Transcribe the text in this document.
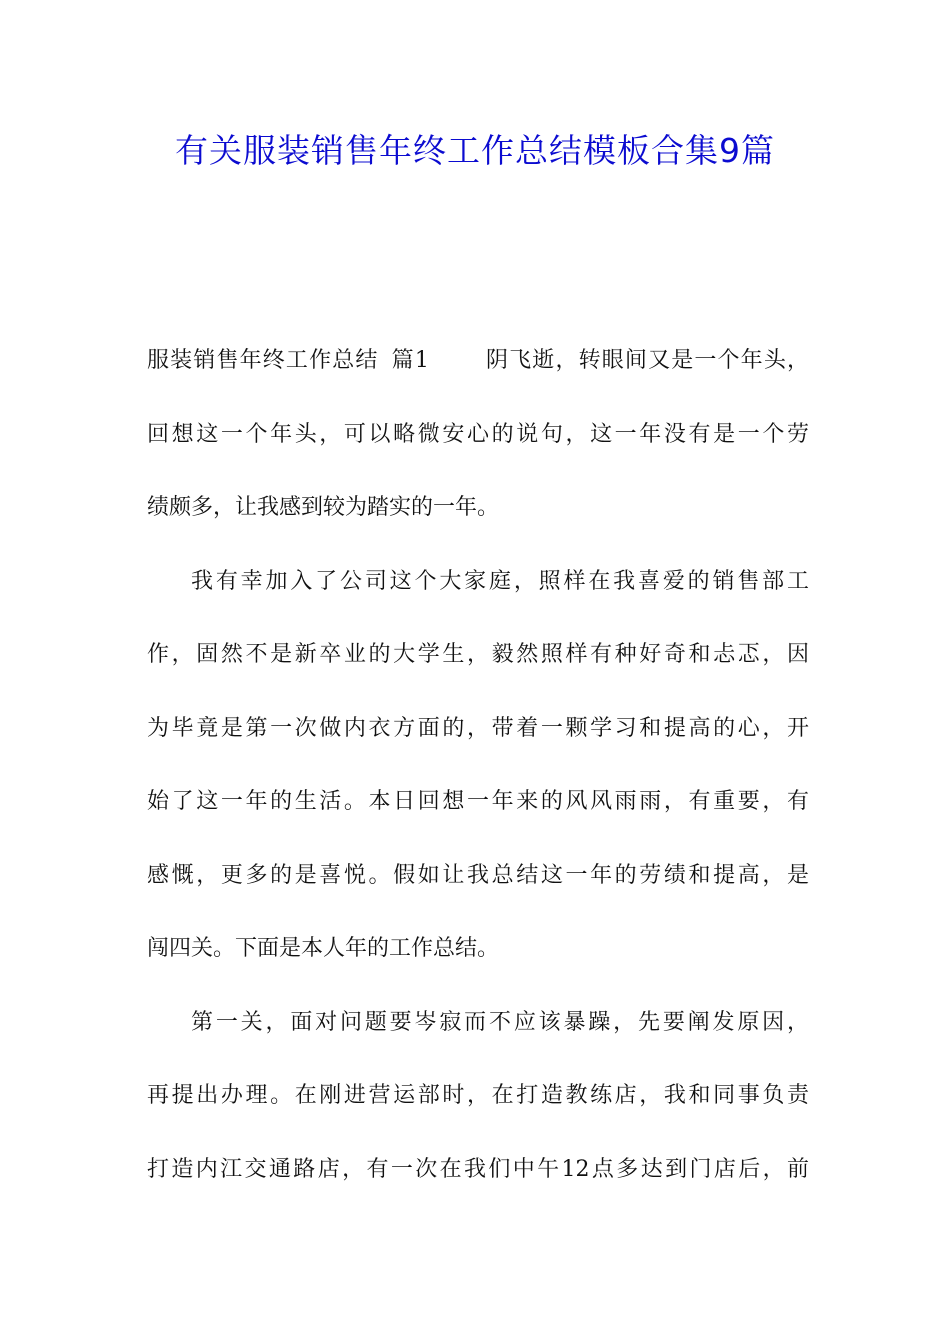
有关服装销售年终工作总结模板合集9篇
服装销售年终工作总结 篇1	阴飞逝，转眼间又是一个年头，
回想这一个年头，可以略微安心的说句，这一年没有是一个劳
绩颇多，让我感到较为踏实的一年。
我有幸加入了公司这个大家庭，照样在我喜爱的销售部工
作，固然不是新卒业的大学生，毅然照样有种好奇和忐忑，因
为毕竟是第一次做内衣方面的，带着一颗学习和提高的心，开
始了这一年的生活。本日回想一年来的风风雨雨，有重要，有
感慨，更多的是喜悦。假如让我总结这一年的劳绩和提高，是
闯四关。下面是本人年的工作总结。
第一关，面对问题要岑寂而不应该暴躁，先要阐发原因，
再提出办理。在刚进营运部时，在打造教练店，我和同事负责
打造内江交通路店，有一次在我们中午12点多达到门店后，前
